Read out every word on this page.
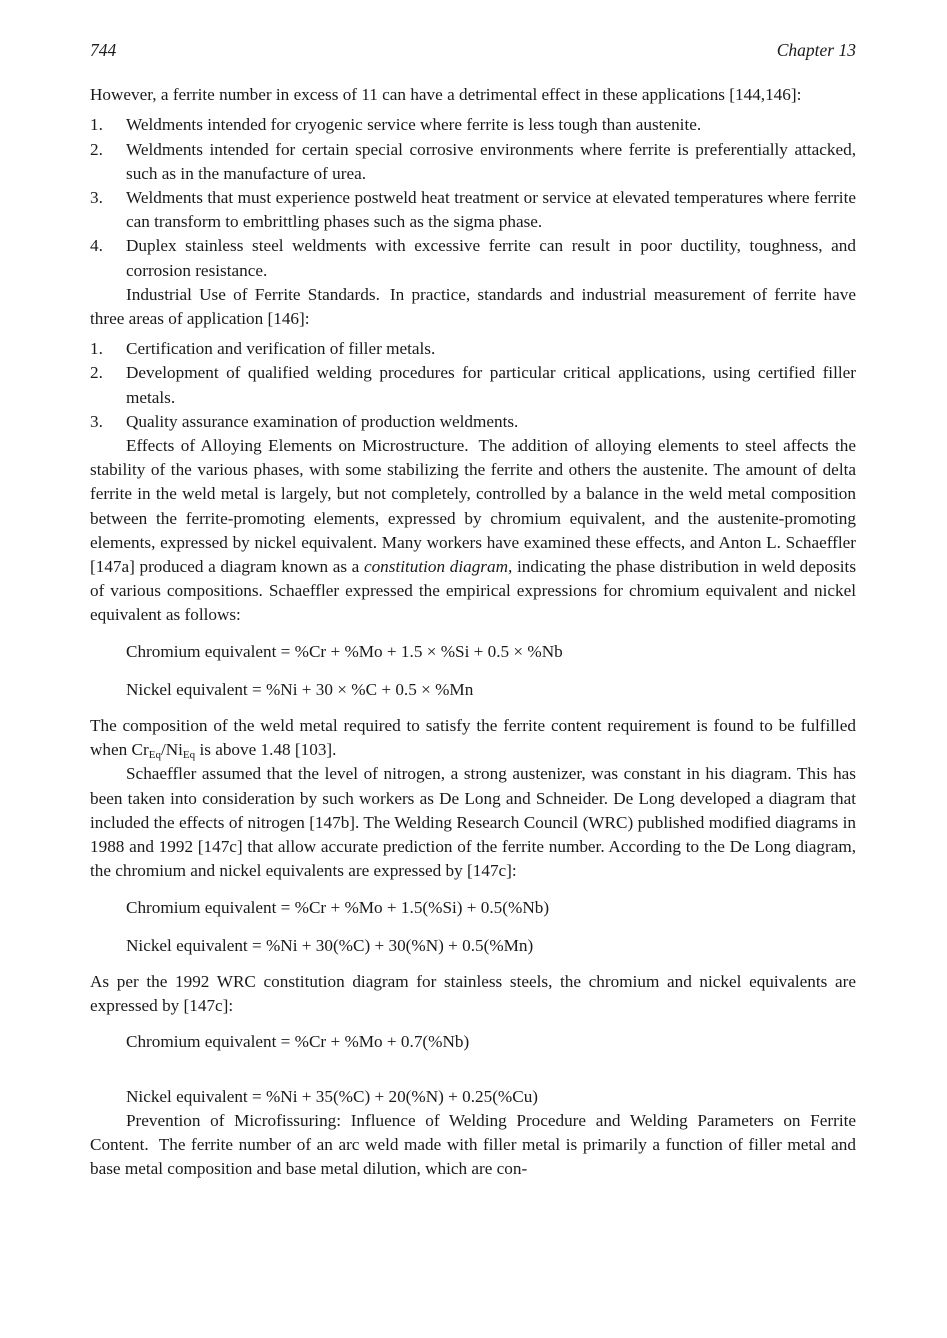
744	Chapter 13

However, a ferrite number in excess of 11 can have a detrimental effect in these applications [144,146]:

1.	Weldments intended for cryogenic service where ferrite is less tough than austenite.
2.	Weldments intended for certain special corrosive environments where ferrite is preferentially attacked, such as in the manufacture of urea.
3.	Weldments that must experience postweld heat treatment or service at elevated temperatures where ferrite can transform to embrittling phases such as the sigma phase.
4.	Duplex stainless steel weldments with excessive ferrite can result in poor ductility, toughness, and corrosion resistance.

Industrial Use of Ferrite Standards. In practice, standards and industrial measurement of ferrite have three areas of application [146]:

1.	Certification and verification of filler metals.
2.	Development of qualified welding procedures for particular critical applications, using certified filler metals.
3.	Quality assurance examination of production weldments.

Effects of Alloying Elements on Microstructure. The addition of alloying elements to steel affects the stability of the various phases, with some stabilizing the ferrite and others the austenite. The amount of delta ferrite in the weld metal is largely, but not completely, controlled by a balance in the weld metal composition between the ferrite-promoting elements, expressed by chromium equivalent, and the austenite-promoting elements, expressed by nickel equivalent. Many workers have examined these effects, and Anton L. Schaeffler [147a] produced a diagram known as a constitution diagram, indicating the phase distribution in weld deposits of various compositions. Schaeffler expressed the empirical expressions for chromium equivalent and nickel equivalent as follows:

Chromium equivalent = %Cr + %Mo + 1.5 × %Si + 0.5 × %Nb

Nickel equivalent = %Ni + 30 × %C + 0.5 × %Mn

The composition of the weld metal required to satisfy the ferrite content requirement is found to be fulfilled when $Cr_{Eq}/Ni_{Eq}$ is above 1.48 [103].

Schaeffler assumed that the level of nitrogen, a strong austenizer, was constant in his diagram. This has been taken into consideration by such workers as De Long and Schneider. De Long developed a diagram that included the effects of nitrogen [147b]. The Welding Research Council (WRC) published modified diagrams in 1988 and 1992 [147c] that allow accurate prediction of the ferrite number. According to the De Long diagram, the chromium and nickel equivalents are expressed by [147c]:

Chromium equivalent = %Cr + %Mo + 1.5(%Si) + 0.5(%Nb)

Nickel equivalent = %Ni + 30(%C) + 30(%N) + 0.5(%Mn)

As per the 1992 WRC constitution diagram for stainless steels, the chromium and nickel equivalents are expressed by [147c]:

Chromium equivalent = %Cr + %Mo + 0.7(%Nb)

Nickel equivalent = %Ni + 35(%C) + 20(%N) + 0.25(%Cu)

Prevention of Microfissuring: Influence of Welding Procedure and Welding Parameters on Ferrite Content. The ferrite number of an arc weld made with filler metal is primarily a function of filler metal and base metal composition and base metal dilution, which are con-
